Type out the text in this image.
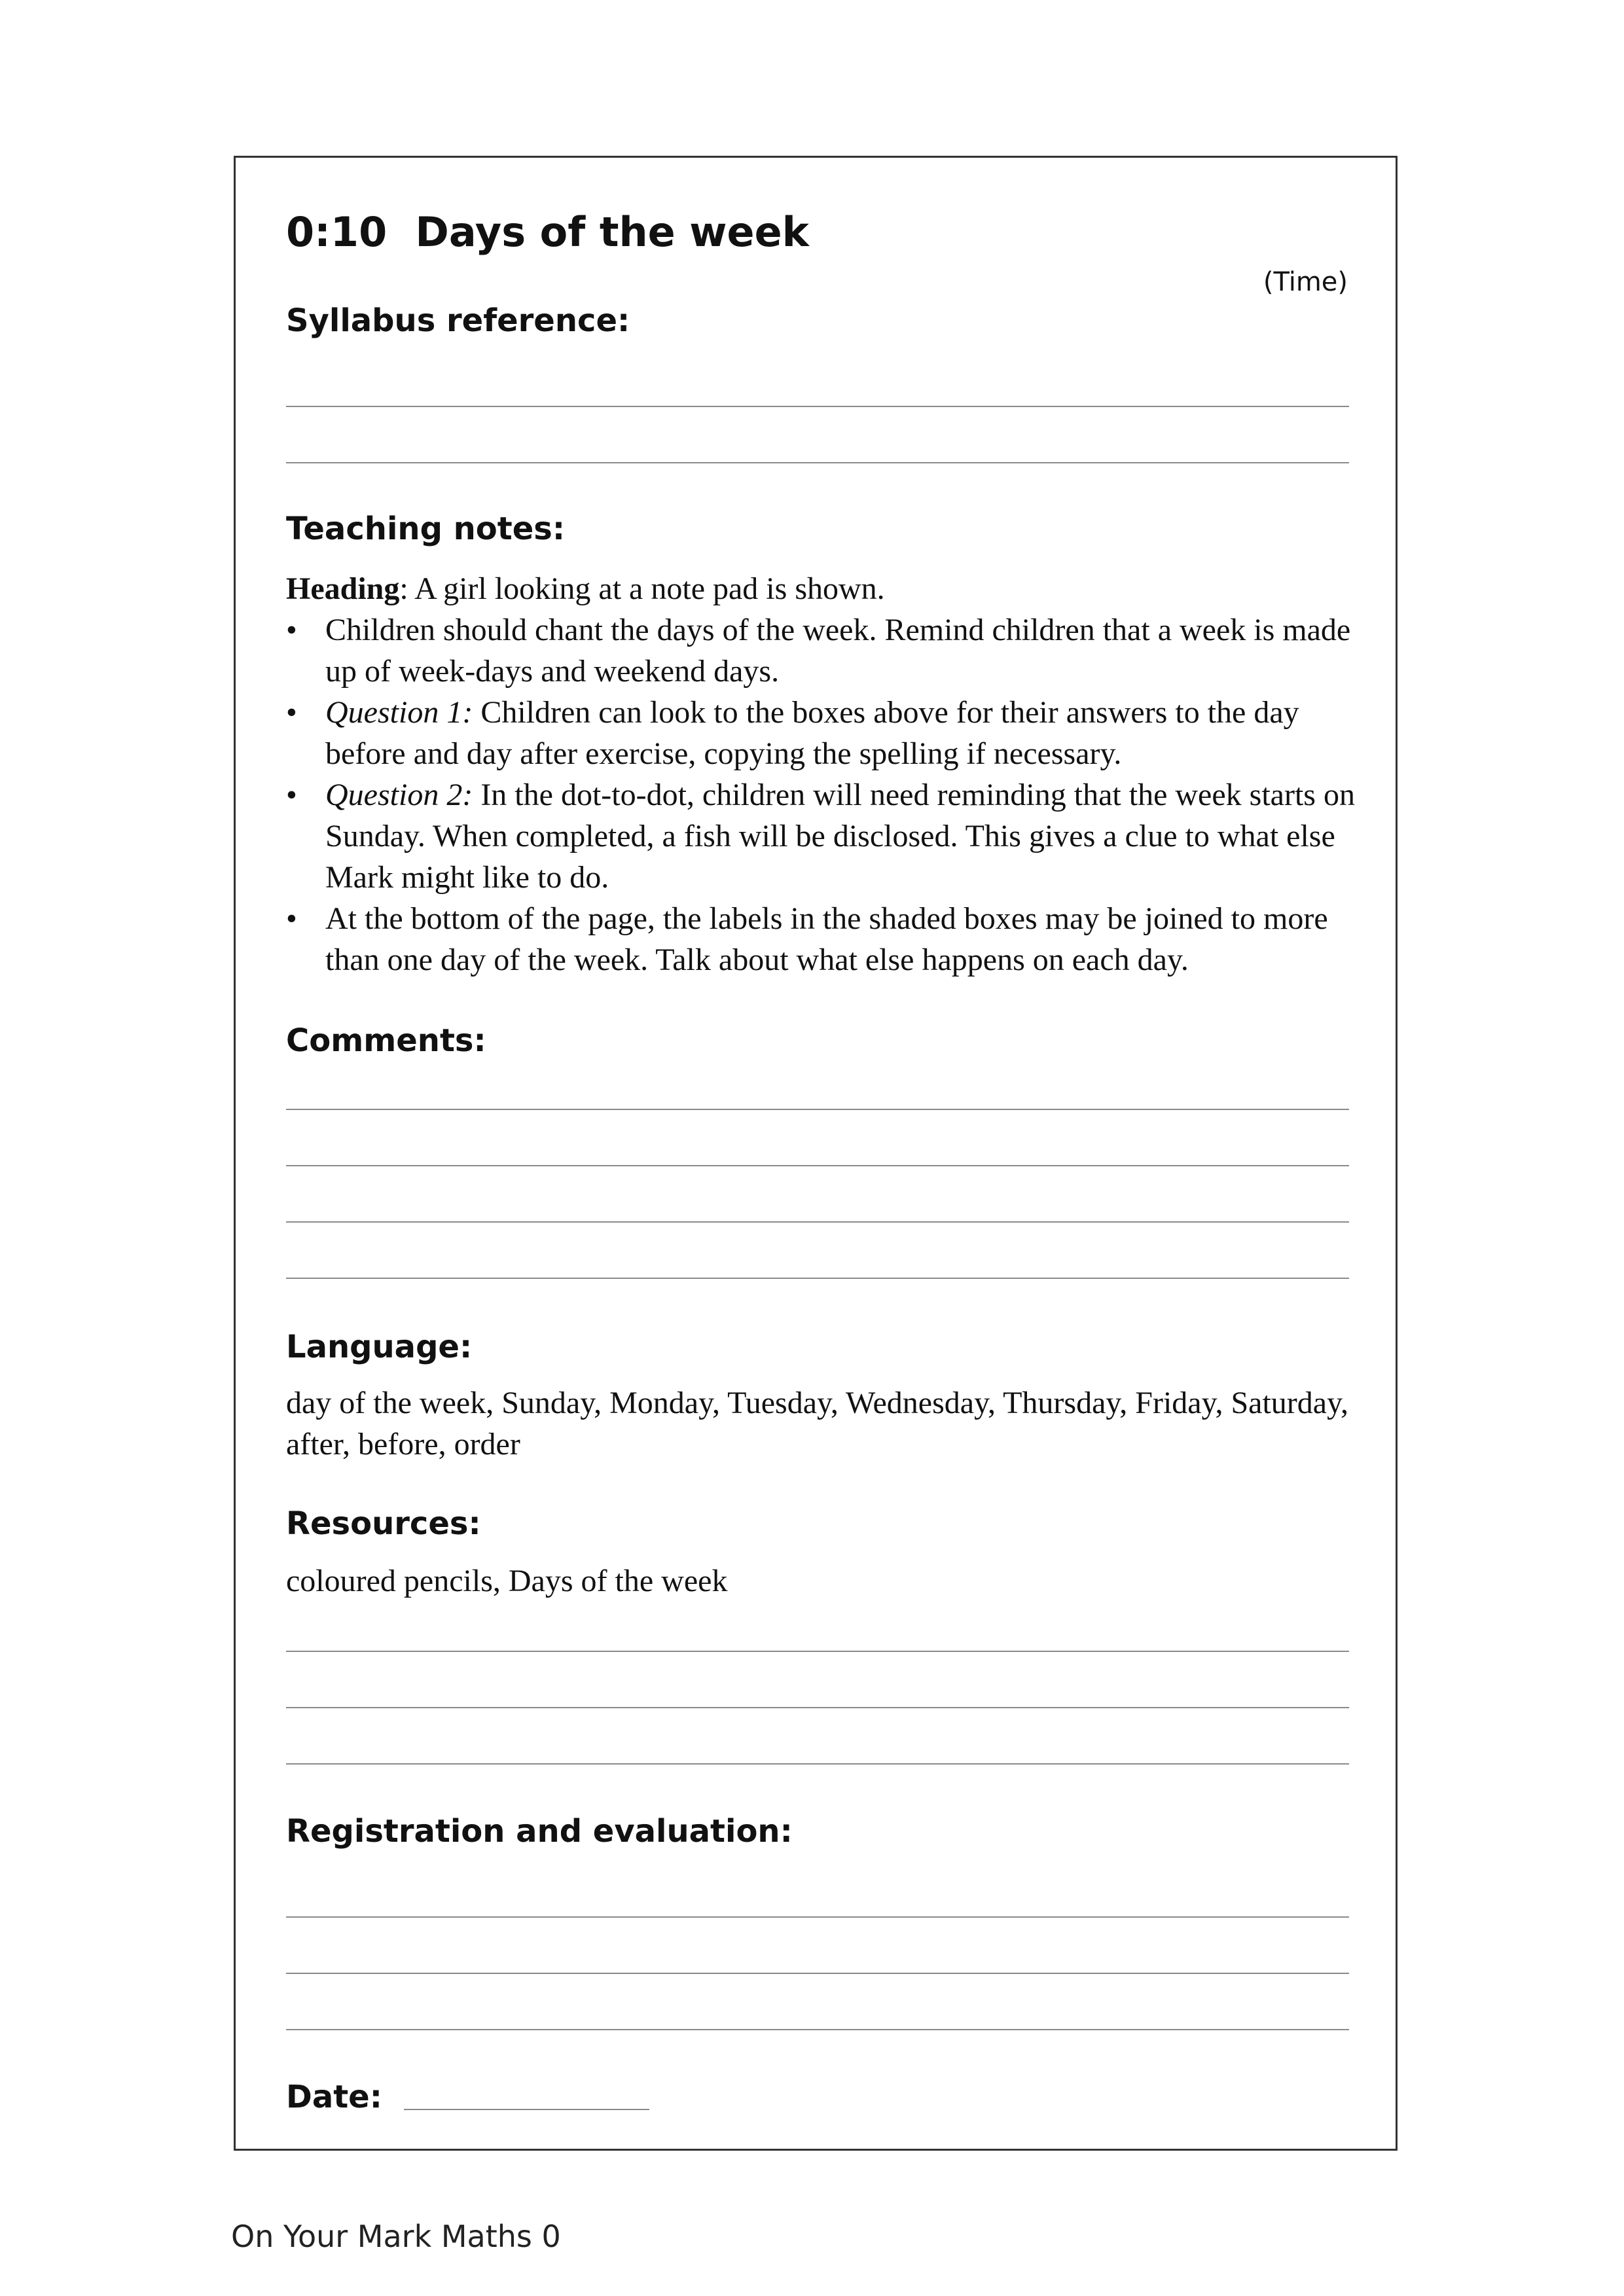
0:10  Days of the week
(Time)
Syllabus reference:
Teaching notes:
Heading: A girl looking at a note pad is shown.
• Children should chant the days of the week. Remind children that a week is made up of week-days and weekend days.
• Question 1: Children can look to the boxes above for their answers to the day before and day after exercise, copying the spelling if necessary.
• Question 2: In the dot-to-dot, children will need reminding that the week starts on Sunday. When completed, a fish will be disclosed. This gives a clue to what else Mark might like to do.
• At the bottom of the page, the labels in the shaded boxes may be joined to more than one day of the week. Talk about what else happens on each day.
Comments:
Language:
day of the week, Sunday, Monday, Tuesday, Wednesday, Thursday, Friday, Saturday, after, before, order
Resources:
coloured pencils, Days of the week
Registration and evaluation:
Date:
On Your Mark Maths 0
